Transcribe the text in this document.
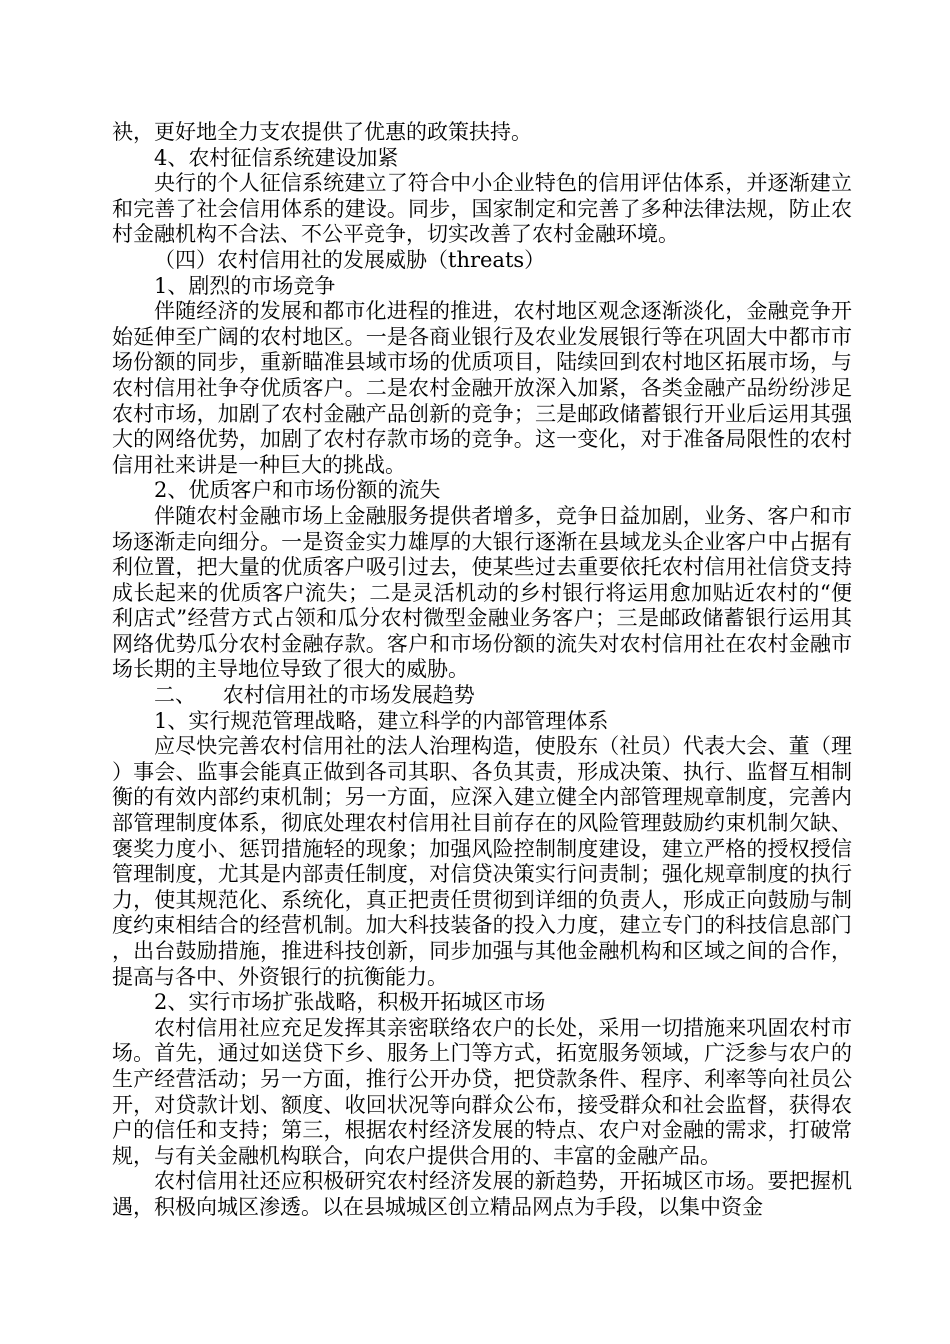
袂，更好地全力支农提供了优惠的政策扶持。

4、农村征信系统建设加紧

央行的个人征信系统建立了符合中小企业特色的信用评估体系，并逐渐建立和完善了社会信用体系的建设。同步，国家制定和完善了多种法律法规，防止农村金融机构不合法、不公平竞争，切实改善了农村金融环境。

（四）农村信用社的发展威胁（threats）

1、剧烈的市场竞争

伴随经济的发展和都市化进程的推进，农村地区观念逐渐淡化，金融竞争开始延伸至广阔的农村地区。一是各商业银行及农业发展银行等在巩固大中都市市场份额的同步，重新瞄准县域市场的优质项目，陆续回到农村地区拓展市场，与农村信用社争夺优质客户。二是农村金融开放深入加紧，各类金融产品纷纷涉足农村市场，加剧了农村金融产品创新的竞争；三是邮政储蓄银行开业后运用其强大的网络优势，加剧了农村存款市场的竞争。这一变化，对于准备局限性的农村信用社来讲是一种巨大的挑战。

2、优质客户和市场份额的流失

伴随农村金融市场上金融服务提供者增多，竞争日益加剧，业务、客户和市场逐渐走向细分。一是资金实力雄厚的大银行逐渐在县域龙头企业客户中占据有利位置，把大量的优质客户吸引过去，使某些过去重要依托农村信用社信贷支持成长起来的优质客户流失；二是灵活机动的乡村银行将运用愈加贴近农村的“便利店式”经营方式占领和瓜分农村微型金融业务客户；三是邮政储蓄银行运用其网络优势瓜分农村金融存款。客户和市场份额的流失对农村信用社在农村金融市场长期的主导地位导致了很大的威胁。

二、    农村信用社的市场发展趋势

1、实行规范管理战略，建立科学的内部管理体系

应尽快完善农村信用社的法人治理构造，使股东（社员）代表大会、董（理）事会、监事会能真正做到各司其职、各负其责，形成决策、执行、监督互相制衡的有效内部约束机制；另一方面，应深入建立健全内部管理规章制度，完善内部管理制度体系，彻底处理农村信用社目前存在的风险管理鼓励约束机制欠缺、褒奖力度小、惩罚措施轻的现象；加强风险控制制度建设，建立严格的授权授信管理制度，尤其是内部责任制度，对信贷决策实行问责制；强化规章制度的执行力，使其规范化、系统化，真正把责任贯彻到详细的负责人，形成正向鼓励与制度约束相结合的经营机制。加大科技装备的投入力度，建立专门的科技信息部门，出台鼓励措施，推进科技创新，同步加强与其他金融机构和区域之间的合作，提高与各中、外资银行的抗衡能力。

2、实行市场扩张战略，积极开拓城区市场

农村信用社应充足发挥其亲密联络农户的长处，采用一切措施来巩固农村市场。首先，通过如送贷下乡、服务上门等方式，拓宽服务领域，广泛参与农户的生产经营活动；另一方面，推行公开办贷，把贷款条件、程序、利率等向社员公开，对贷款计划、额度、收回状况等向群众公布，接受群众和社会监督，获得农户的信任和支持；第三，根据农村经济发展的特点、农户对金融的需求，打破常规，与有关金融机构联合，向农户提供合用的、丰富的金融产品。

农村信用社还应积极研究农村经济发展的新趋势，开拓城区市场。要把握机遇，积极向城区渗透。以在县城城区创立精品网点为手段，以集中资金
